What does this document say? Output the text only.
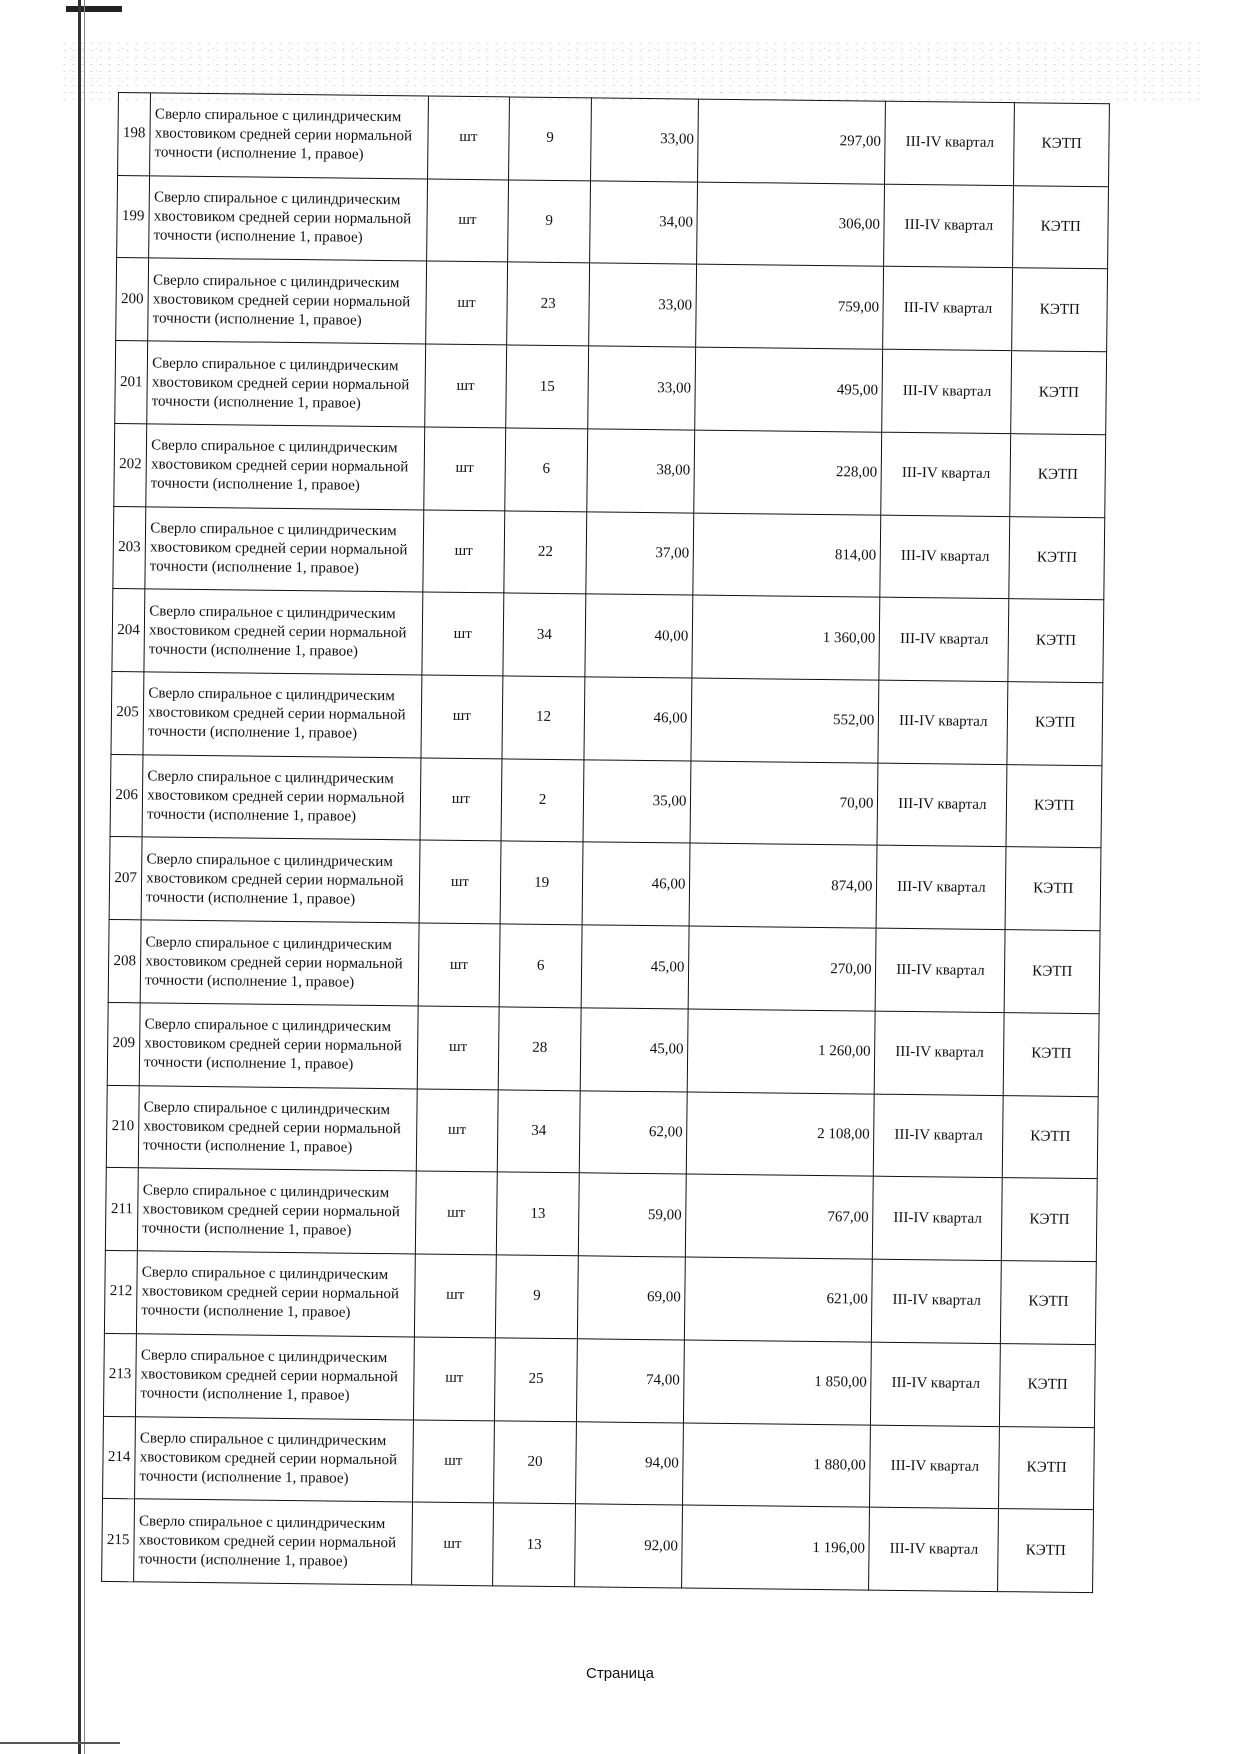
198	Сверло спиральное с цилиндрическим хвостовиком средней серии нормальной точности (исполнение 1, правое)	шт	9	33,00	297,00	III-IV квартал	КЭТП
199	Сверло спиральное с цилиндрическим хвостовиком средней серии нормальной точности (исполнение 1, правое)	шт	9	34,00	306,00	III-IV квартал	КЭТП
200	Сверло спиральное с цилиндрическим хвостовиком средней серии нормальной точности (исполнение 1, правое)	шт	23	33,00	759,00	III-IV квартал	КЭТП
201	Сверло спиральное с цилиндрическим хвостовиком средней серии нормальной точности (исполнение 1, правое)	шт	15	33,00	495,00	III-IV квартал	КЭТП
202	Сверло спиральное с цилиндрическим хвостовиком средней серии нормальной точности (исполнение 1, правое)	шт	6	38,00	228,00	III-IV квартал	КЭТП
203	Сверло спиральное с цилиндрическим хвостовиком средней серии нормальной точности (исполнение 1, правое)	шт	22	37,00	814,00	III-IV квартал	КЭТП
204	Сверло спиральное с цилиндрическим хвостовиком средней серии нормальной точности (исполнение 1, правое)	шт	34	40,00	1 360,00	III-IV квартал	КЭТП
205	Сверло спиральное с цилиндрическим хвостовиком средней серии нормальной точности (исполнение 1, правое)	шт	12	46,00	552,00	III-IV квартал	КЭТП
206	Сверло спиральное с цилиндрическим хвостовиком средней серии нормальной точности (исполнение 1, правое)	шт	2	35,00	70,00	III-IV квартал	КЭТП
207	Сверло спиральное с цилиндрическим хвостовиком средней серии нормальной точности (исполнение 1, правое)	шт	19	46,00	874,00	III-IV квартал	КЭТП
208	Сверло спиральное с цилиндрическим хвостовиком средней серии нормальной точности (исполнение 1, правое)	шт	6	45,00	270,00	III-IV квартал	КЭТП
209	Сверло спиральное с цилиндрическим хвостовиком средней серии нормальной точности (исполнение 1, правое)	шт	28	45,00	1 260,00	III-IV квартал	КЭТП
210	Сверло спиральное с цилиндрическим хвостовиком средней серии нормальной точности (исполнение 1, правое)	шт	34	62,00	2 108,00	III-IV квартал	КЭТП
211	Сверло спиральное с цилиндрическим хвостовиком средней серии нормальной точности (исполнение 1, правое)	шт	13	59,00	767,00	III-IV квартал	КЭТП
212	Сверло спиральное с цилиндрическим хвостовиком средней серии нормальной точности (исполнение 1, правое)	шт	9	69,00	621,00	III-IV квартал	КЭТП
213	Сверло спиральное с цилиндрическим хвостовиком средней серии нормальной точности (исполнение 1, правое)	шт	25	74,00	1 850,00	III-IV квартал	КЭТП
214	Сверло спиральное с цилиндрическим хвостовиком средней серии нормальной точности (исполнение 1, правое)	шт	20	94,00	1 880,00	III-IV квартал	КЭТП
215	Сверло спиральное с цилиндрическим хвостовиком средней серии нормальной точности (исполнение 1, правое)	шт	13	92,00	1 196,00	III-IV квартал	КЭТП
Страница
